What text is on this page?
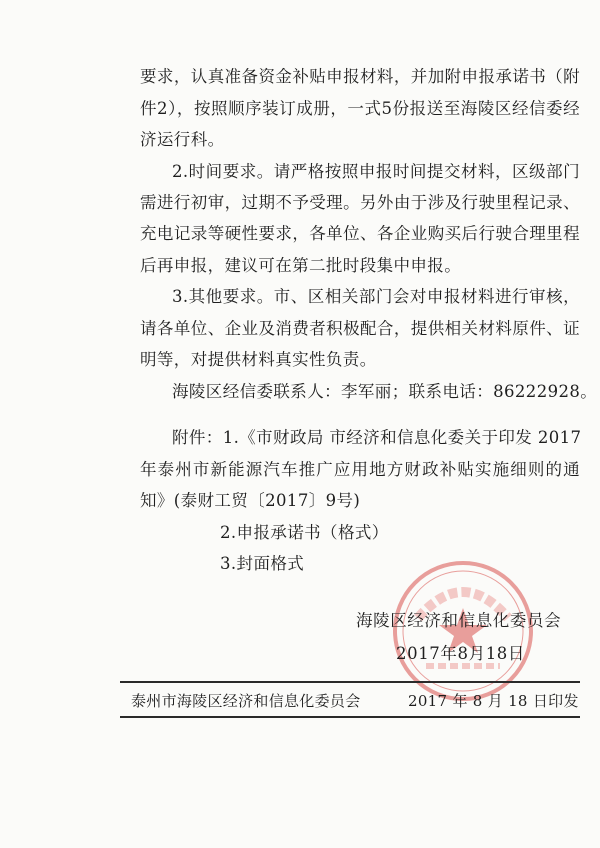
要求，认真准备资金补贴申报材料，并加附申报承诺书（附
件2），按照顺序装订成册，一式5份报送至海陵区经信委经
济运行科。
2.时间要求。请严格按照申报时间提交材料，区级部门
需进行初审，过期不予受理。另外由于涉及行驶里程记录、
充电记录等硬性要求，各单位、各企业购买后行驶合理里程
后再申报，建议可在第二批时段集中申报。
3.其他要求。市、区相关部门会对申报材料进行审核，
请各单位、企业及消费者积极配合，提供相关材料原件、证
明等，对提供材料真实性负责。
海陵区经信委联系人：李军丽；联系电话：86222928。
附件：1.《市财政局 市经济和信息化委关于印发 2017
年泰州市新能源汽车推广应用地方财政补贴实施细则的通
知》(泰财工贸〔2017〕9号)
2.申报承诺书（格式）
3.封面格式
海陵区经济和信息化委员会
2017年8月18日
泰州市海陵区经济和信息化委员会	2017 年 8 月 18 日印发
